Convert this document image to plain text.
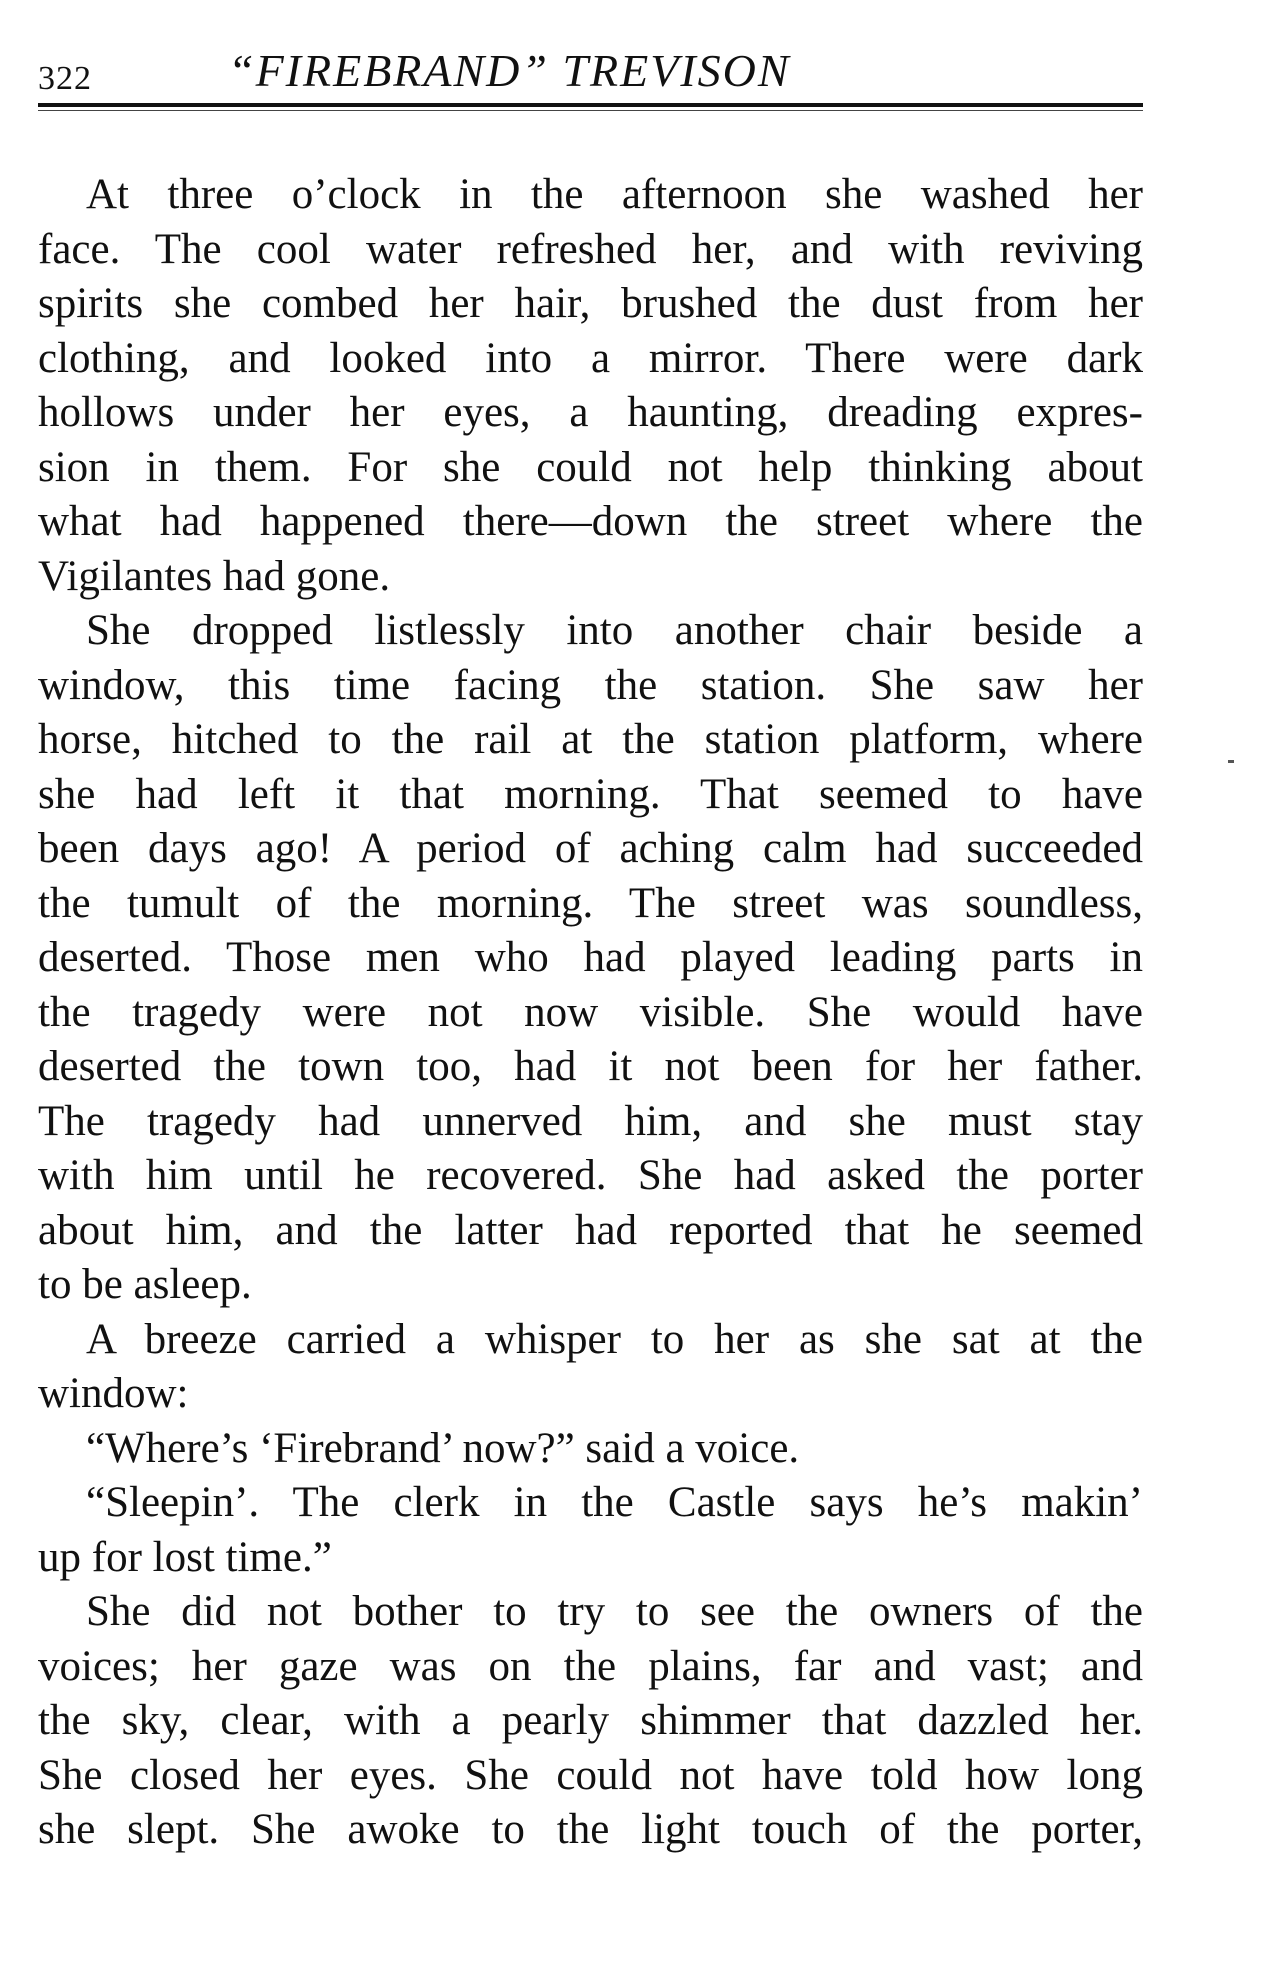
322	“FIREBRAND” TREVISON
At three o’clock in the afternoon she washed her
face. The cool water refreshed her, and with reviving
spirits she combed her hair, brushed the dust from her
clothing, and looked into a mirror. There were dark
hollows under her eyes, a haunting, dreading expres-
sion in them. For she could not help thinking about
what had happened there—down the street where the
Vigilantes had gone.
She dropped listlessly into another chair beside a
window, this time facing the station. She saw her
horse, hitched to the rail at the station platform, where
she had left it that morning. That seemed to have
been days ago! A period of aching calm had succeeded
the tumult of the morning. The street was soundless,
deserted. Those men who had played leading parts in
the tragedy were not now visible. She would have
deserted the town too, had it not been for her father.
The tragedy had unnerved him, and she must stay
with him until he recovered. She had asked the porter
about him, and the latter had reported that he seemed
to be asleep.
A breeze carried a whisper to her as she sat at the
window:
“Where’s ‘Firebrand’ now?” said a voice.
“Sleepin’. The clerk in the Castle says he’s makin’
up for lost time.”
She did not bother to try to see the owners of the
voices; her gaze was on the plains, far and vast; and
the sky, clear, with a pearly shimmer that dazzled her.
She closed her eyes. She could not have told how long
she slept. She awoke to the light touch of the porter,
